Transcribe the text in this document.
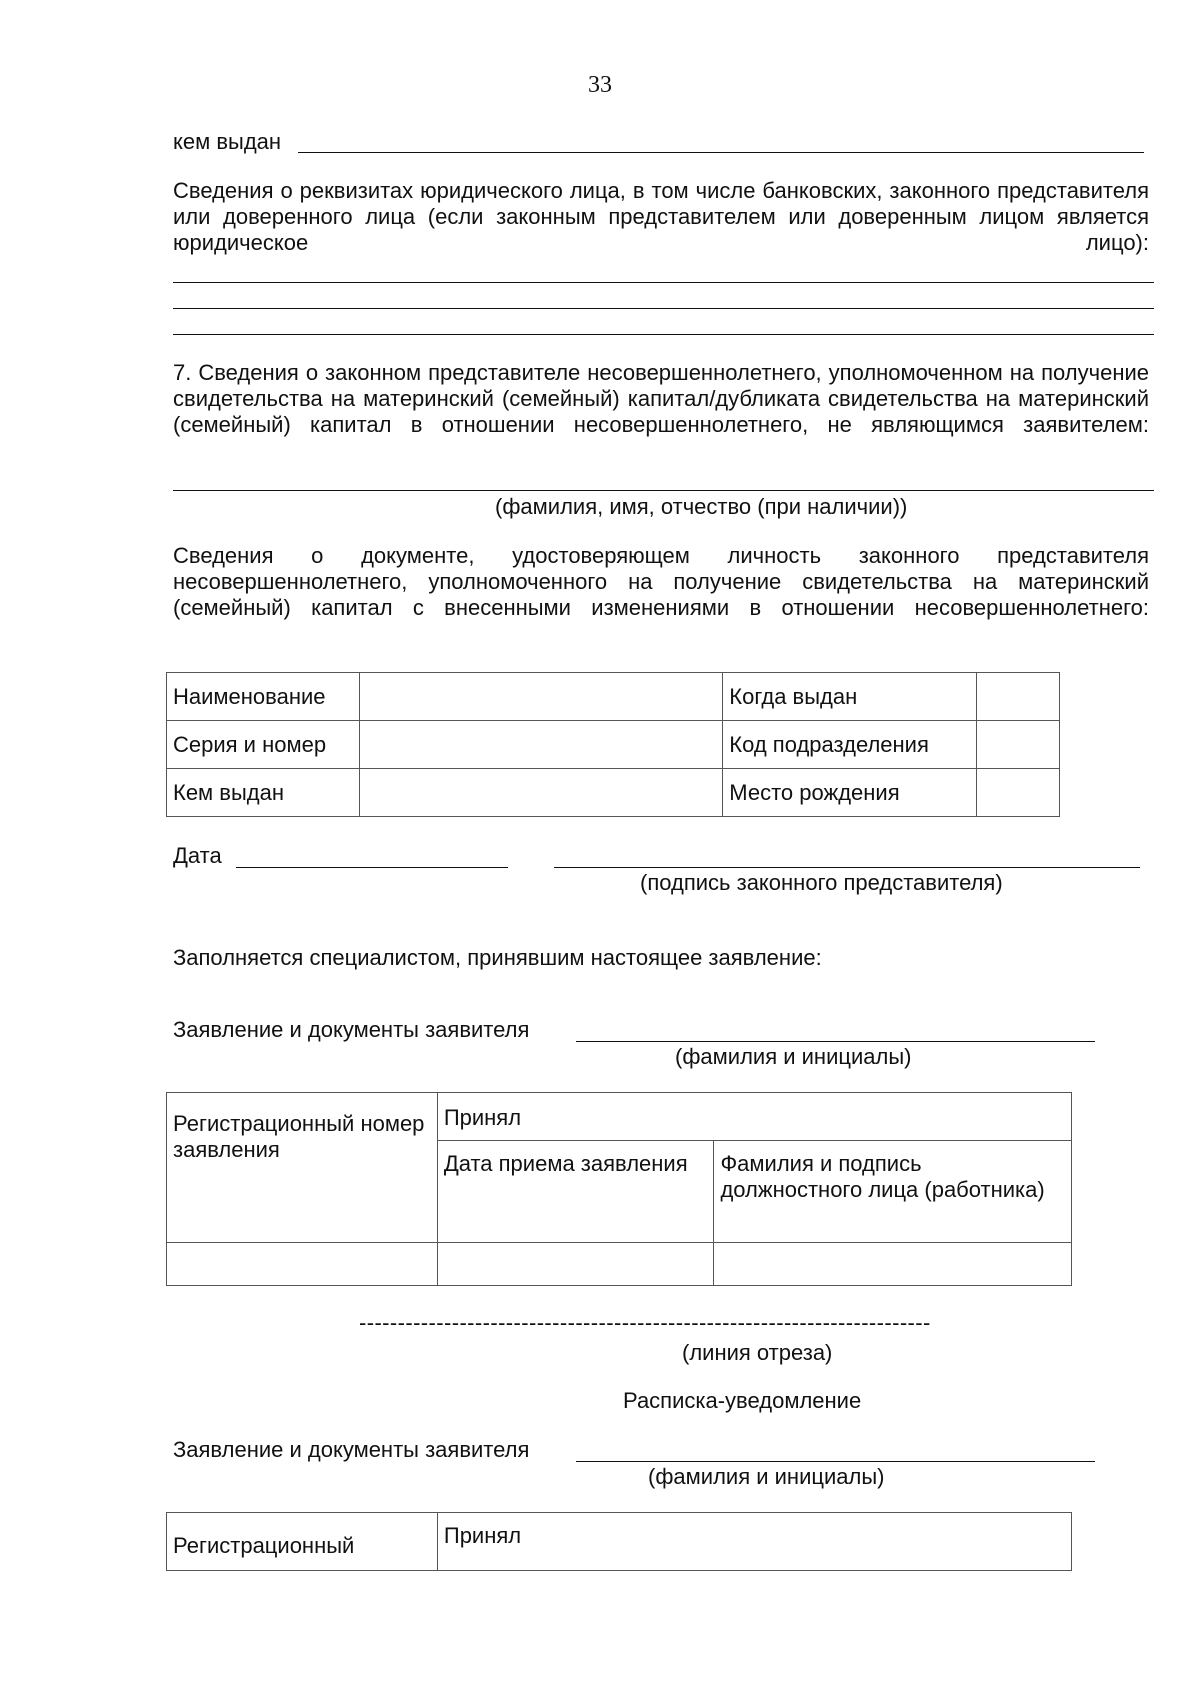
33
кем выдан
Сведения о реквизитах юридического лица, в том числе банковских, законного представителя или доверенного лица (если законным представителем или доверенным лицом является юридическое лицо):
7. Сведения о законном представителе несовершеннолетнего, уполномоченном на получение свидетельства на материнский (семейный) капитал/дубликата свидетельства на материнский (семейный) капитал в отношении несовершеннолетнего, не являющимся заявителем:
(фамилия, имя, отчество (при наличии))
Сведения о документе, удостоверяющем личность законного представителя несовершеннолетнего, уполномоченного на получение свидетельства на материнский (семейный) капитал с внесенными изменениями в отношении несовершеннолетнего:
Наименование		Когда выдан	
Серия и номер		Код подразделения	
Кем выдан		Место рождения	
Дата
(подпись законного представителя)
Заполняется специалистом, принявшим настоящее заявление:
Заявление и документы заявителя
(фамилия и инициалы)
Регистрационный номер заявления	Принял	
	Дата приема заявления	Фамилия и подпись должностного лица (работника)

--------------------------------------------------------------------------
(линия отреза)
Расписка-уведомление
Заявление и документы заявителя
(фамилия и инициалы)
Регистрационный	Принял
